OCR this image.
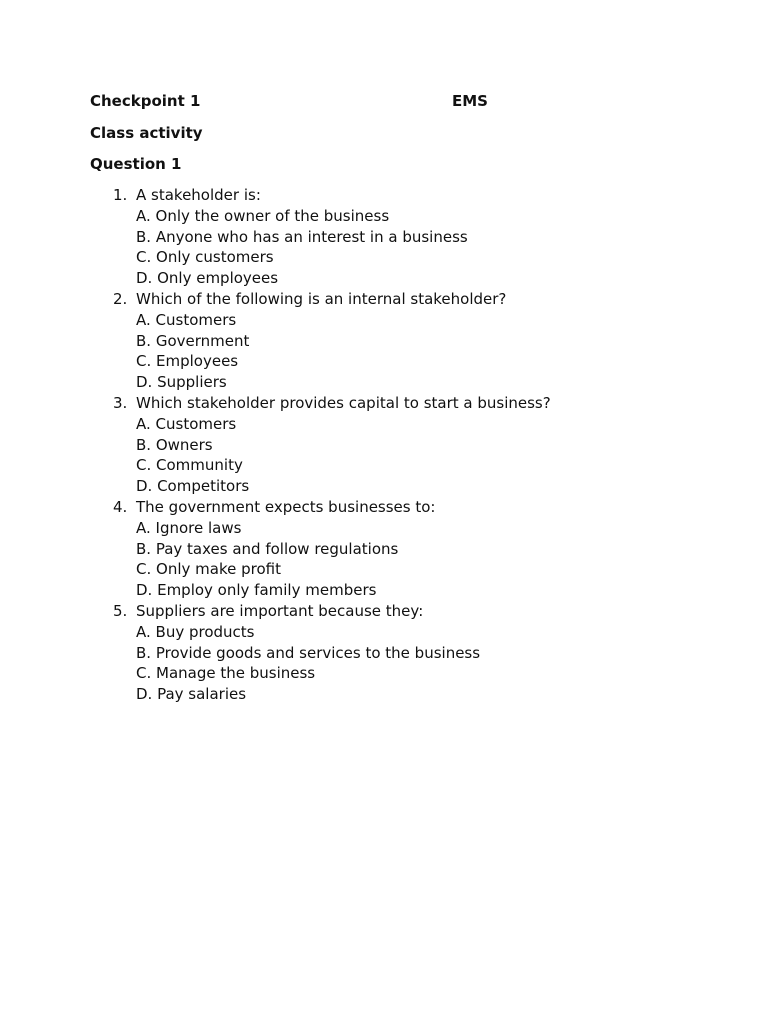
Checkpoint 1	EMS
Class activity
Question 1
1. A stakeholder is:
A. Only the owner of the business
B. Anyone who has an interest in a business
C. Only customers
D. Only employees
2. Which of the following is an internal stakeholder?
A. Customers
B. Government
C. Employees
D. Suppliers
3. Which stakeholder provides capital to start a business?
A. Customers
B. Owners
C. Community
D. Competitors
4. The government expects businesses to:
A. Ignore laws
B. Pay taxes and follow regulations
C. Only make profit
D. Employ only family members
5. Suppliers are important because they:
A. Buy products
B. Provide goods and services to the business
C. Manage the business
D. Pay salaries
